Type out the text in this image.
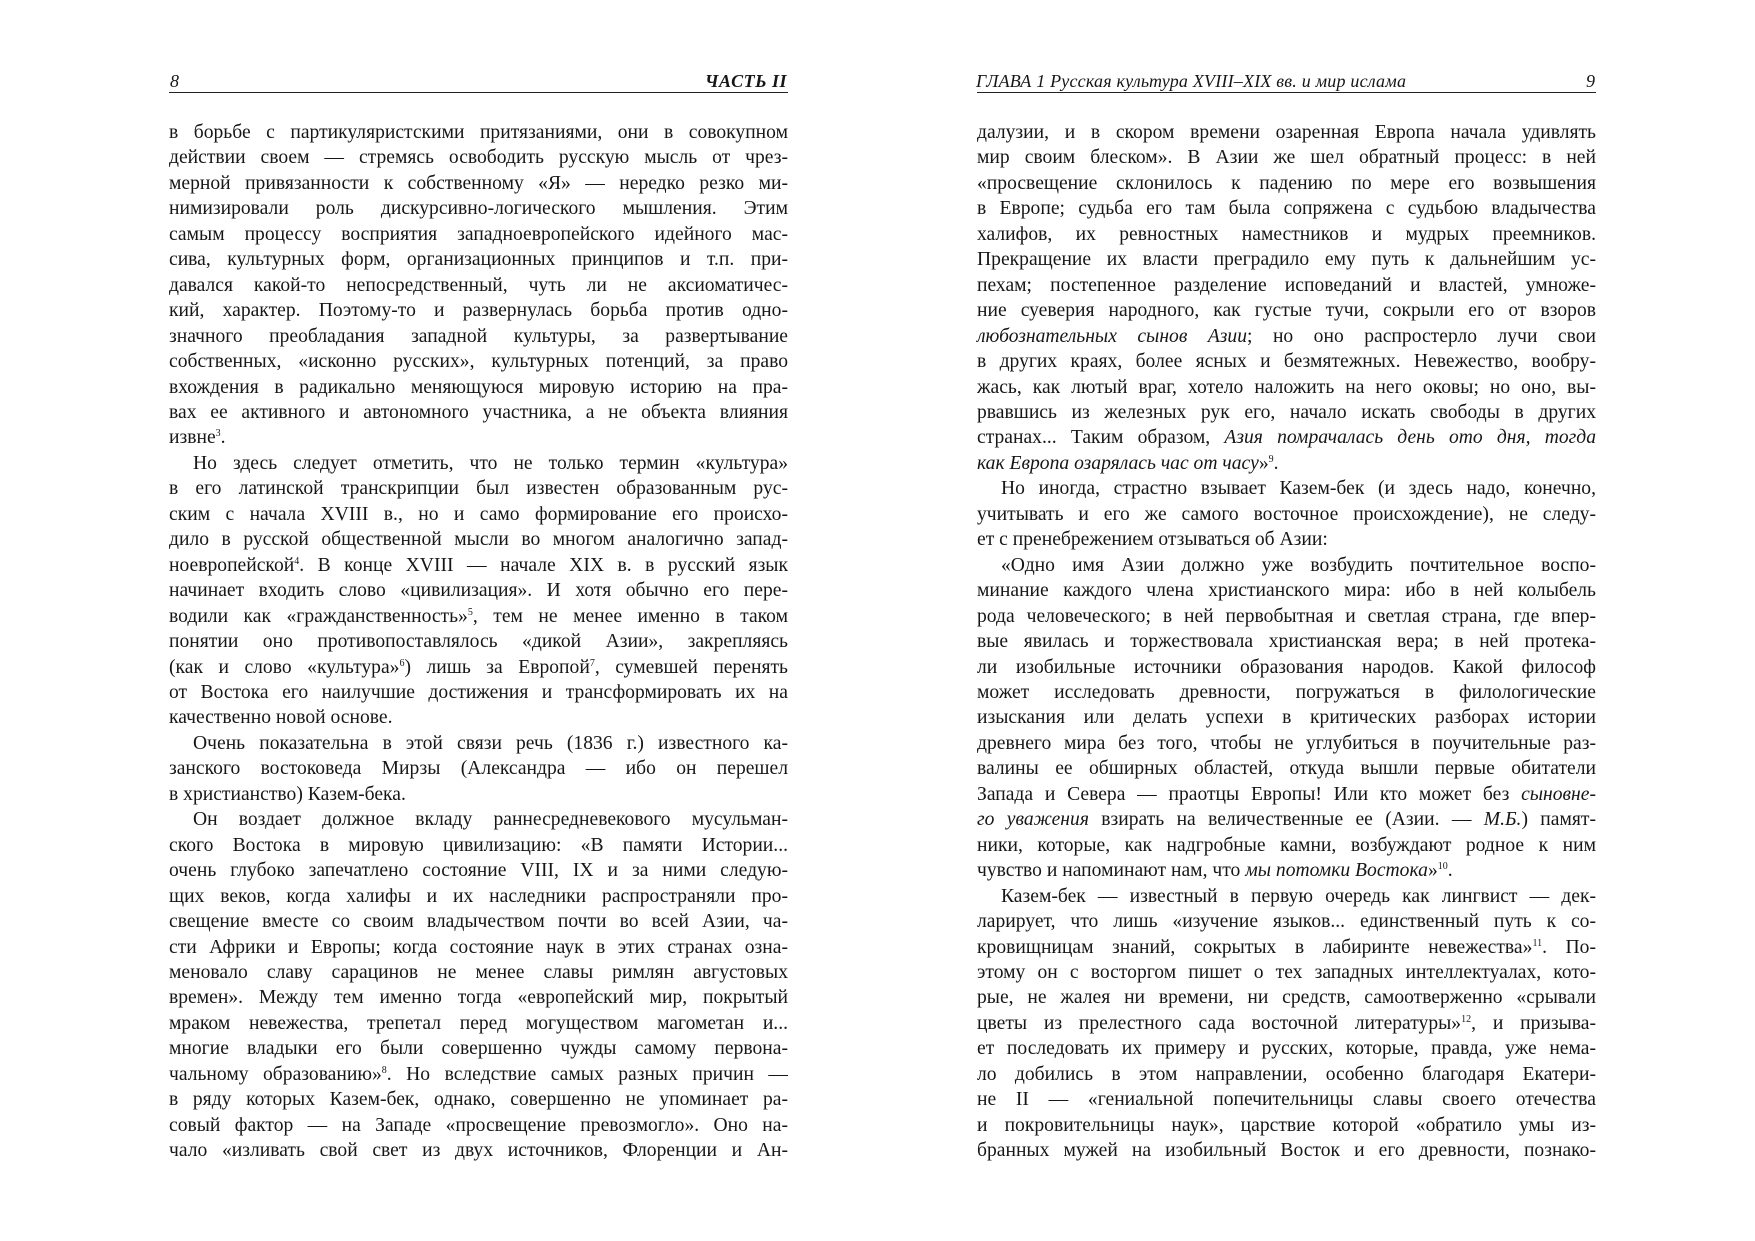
8	ЧАСТЬ II
в борьбе с партикуляристскими притязаниями, они в совокупном
действии своем — стремясь освободить русскую мысль от чрез-
мерной привязанности к собственному «Я» — нередко резко ми-
нимизировали роль дискурсивно-логического мышления. Этим
самым процессу восприятия западноевропейского идейного мас-
сива, культурных форм, организационных принципов и т.п. при-
давался какой-то непосредственный, чуть ли не аксиоматичес-
кий, характер. Поэтому-то и развернулась борьба против одно-
значного преобладания западной культуры, за развертывание
собственных, «исконно русских», культурных потенций, за право
вхождения в радикально меняющуюся мировую историю на пра-
вах ее активного и автономного участника, а не объекта влияния
извне$^3$.
Но здесь следует отметить, что не только термин «культура»
в его латинской транскрипции был известен образованным рус-
ским с начала XVIII в., но и само формирование его происхо-
дило в русской общественной мысли во многом аналогично запад-
ноевропейской$^4$. В конце XVIII — начале XIX в. в русский язык
начинает входить слово «цивилизация». И хотя обычно его пере-
водили как «гражданственность»$^5$, тем не менее именно в таком
понятии оно противопоставлялось «дикой Азии», закрепляясь
(как и слово «культура»$^6$) лишь за Европой$^7$, сумевшей перенять
от Востока его наилучшие достижения и трансформировать их на
качественно новой основе.
Очень показательна в этой связи речь (1836 г.) известного ка-
занского востоковеда Мирзы (Александра — ибо он перешел
в христианство) Казем-бека.
Он воздает должное вкладу раннесредневекового мусульман-
ского Востока в мировую цивилизацию: «В памяти Истории...
очень глубоко запечатлено состояние VIII, IX и за ними следую-
щих веков, когда халифы и их наследники распространяли про-
свещение вместе со своим владычеством почти во всей Азии, ча-
сти Африки и Европы; когда состояние наук в этих странах озна-
меновало славу сарацинов не менее славы римлян августовых
времен». Между тем именно тогда «европейский мир, покрытый
мраком невежества, трепетал перед могуществом магометан и...
многие владыки его были совершенно чужды самому первона-
чальному образованию»$^8$. Но вследствие самых разных причин —
в ряду которых Казем-бек, однако, совершенно не упоминает ра-
совый фактор — на Западе «просвещение превозмогло». Оно на-
чало «изливать свой свет из двух источников, Флоренции и Ан-
ГЛАВА 1 Русская культура XVIII–XIX вв. и мир ислама	9
далузии, и в скором времени озаренная Европа начала удивлять
мир своим блеском». В Азии же шел обратный процесс: в ней
«просвещение склонилось к падению по мере его возвышения
в Европе; судьба его там была сопряжена с судьбою владычества
халифов, их ревностных наместников и мудрых преемников.
Прекращение их власти преградило ему путь к дальнейшим ус-
пехам; постепенное разделение исповеданий и властей, умноже-
ние суеверия народного, как густые тучи, сокрыли его от взоров
любознательных сынов Азии; но оно распростерло лучи свои
в других краях, более ясных и безмятежных. Невежество, вообру-
жась, как лютый враг, хотело наложить на него оковы; но оно, вы-
рвавшись из железных рук его, начало искать свободы в других
странах... Таким образом, Азия помрачалась день ото дня, тогда
как Европа озарялась час от часу»$^9$.
Но иногда, страстно взывает Казем-бек (и здесь надо, конечно,
учитывать и его же самого восточное происхождение), не следу-
ет с пренебрежением отзываться об Азии:
«Одно имя Азии должно уже возбудить почтительное воспо-
минание каждого члена христианского мира: ибо в ней колыбель
рода человеческого; в ней первобытная и светлая страна, где впер-
вые явилась и торжествовала христианская вера; в ней протека-
ли изобильные источники образования народов. Какой философ
может исследовать древности, погружаться в филологические
изыскания или делать успехи в критических разборах истории
древнего мира без того, чтобы не углубиться в поучительные раз-
валины ее обширных областей, откуда вышли первые обитатели
Запада и Севера — праотцы Европы! Или кто может без сыновне-
го уважения взирать на величественные ее (Азии. — М.Б.) памят-
ники, которые, как надгробные камни, возбуждают родное к ним
чувство и напоминают нам, что мы потомки Востока»$^{10}$.
Казем-бек — известный в первую очередь как лингвист — дек-
ларирует, что лишь «изучение языков... единственный путь к со-
кровищницам знаний, сокрытых в лабиринте невежества»$^{11}$. По-
этому он с восторгом пишет о тех западных интеллектуалах, кото-
рые, не жалея ни времени, ни средств, самоотверженно «срывали
цветы из прелестного сада восточной литературы»$^{12}$, и призыва-
ет последовать их примеру и русских, которые, правда, уже нема-
ло добились в этом направлении, особенно благодаря Екатери-
не II — «гениальной попечительницы славы своего отечества
и покровительницы наук», царствие которой «обратило умы из-
бранных мужей на изобильный Восток и его древности, познако-
